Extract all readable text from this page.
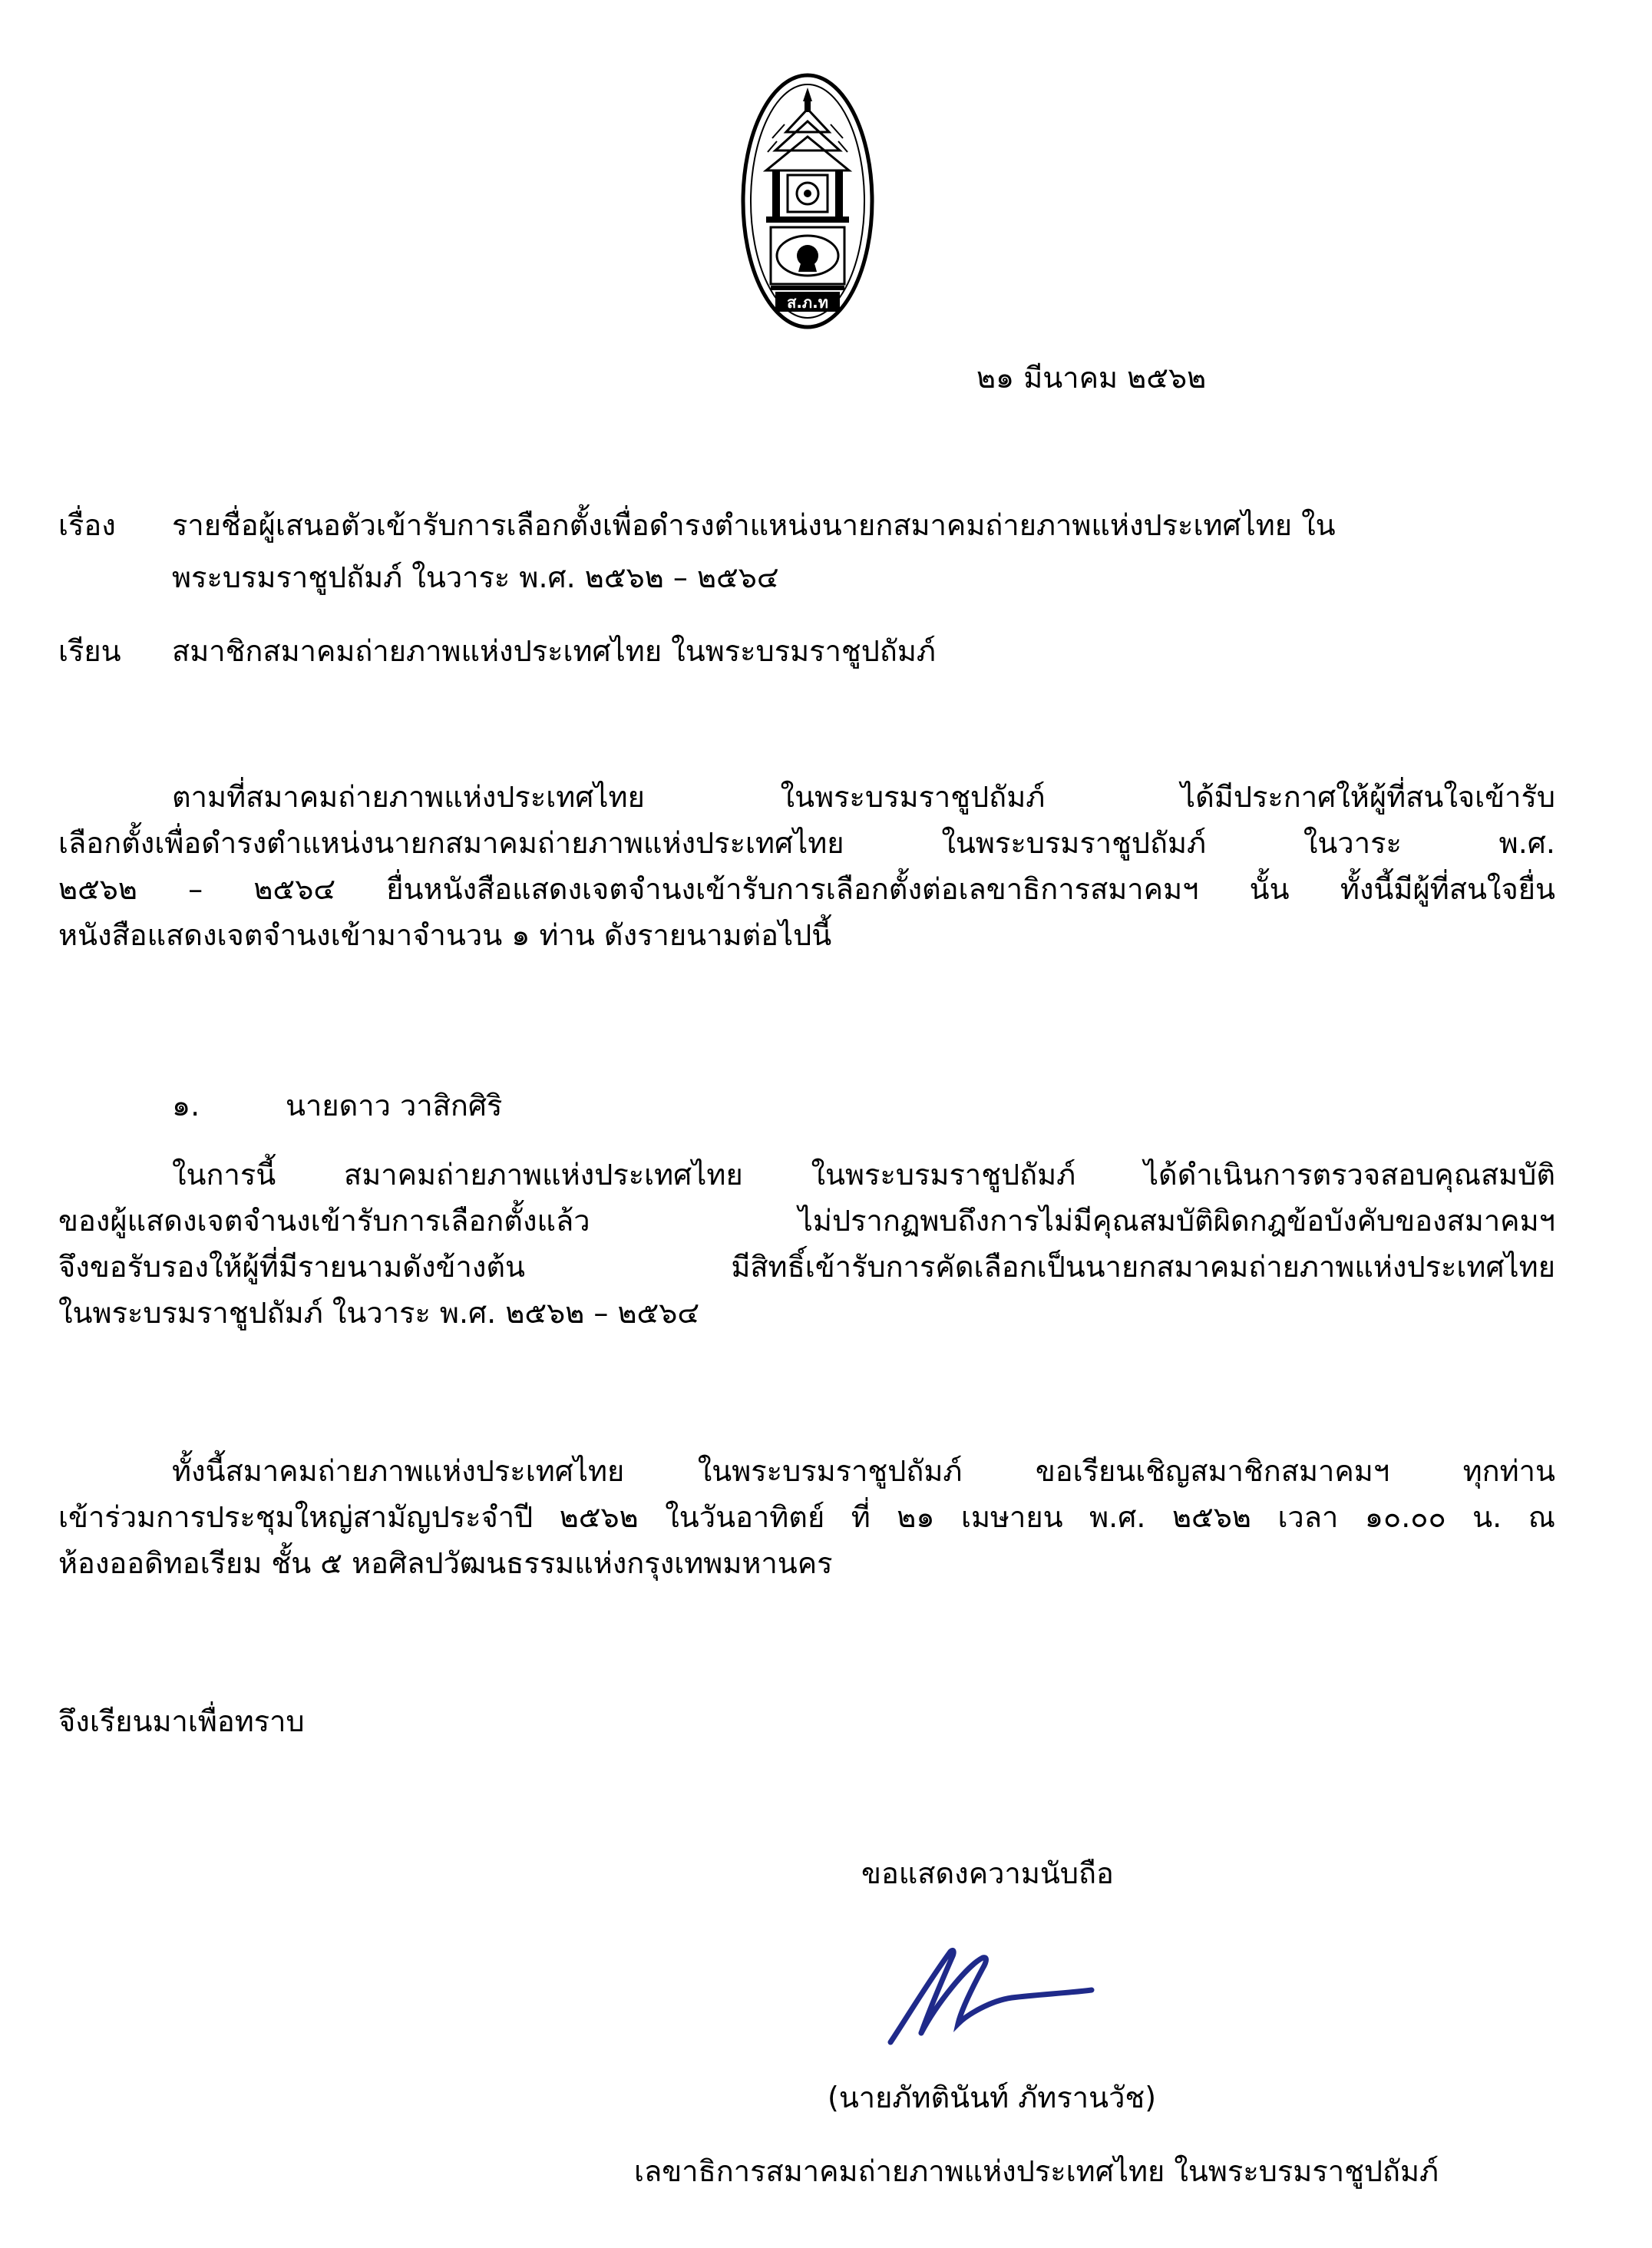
ส.ภ.ท
๒๑ มีนาคม ๒๕๖๒
เรื่อง รายชื่อผู้เสนอตัวเข้ารับการเลือกตั้งเพื่อดำรงตำแหน่งนายกสมาคมถ่ายภาพแห่งประเทศไทย ใน
พระบรมราชูปถัมภ์ ในวาระ พ.ศ. ๒๕๖๒ – ๒๕๖๔
เรียน สมาชิกสมาคมถ่ายภาพแห่งประเทศไทย ในพระบรมราชูปถัมภ์
ตามที่สมาคมถ่ายภาพแห่งประเทศไทย ในพระบรมราชูปถัมภ์ ได้มีประกาศให้ผู้ที่สนใจเข้ารับ
เลือกตั้งเพื่อดำรงตำแหน่งนายกสมาคมถ่ายภาพแห่งประเทศไทย ในพระบรมราชูปถัมภ์ ในวาระ พ.ศ.
๒๕๖๒ – ๒๕๖๔ ยื่นหนังสือแสดงเจตจำนงเข้ารับการเลือกตั้งต่อเลขาธิการสมาคมฯ นั้น ทั้งนี้มีผู้ที่สนใจยื่น
หนังสือแสดงเจตจำนงเข้ามาจำนวน ๑ ท่าน ดังรายนามต่อไปนี้
๑.	นายดาว วาสิกศิริ
ในการนี้ สมาคมถ่ายภาพแห่งประเทศไทย ในพระบรมราชูปถัมภ์ ได้ดำเนินการตรวจสอบคุณสมบัติ
ของผู้แสดงเจตจำนงเข้ารับการเลือกตั้งแล้ว ไม่ปรากฏพบถึงการไม่มีคุณสมบัติผิดกฎข้อบังคับของสมาคมฯ
จึงขอรับรองให้ผู้ที่มีรายนามดังข้างต้น มีสิทธิ์เข้ารับการคัดเลือกเป็นนายกสมาคมถ่ายภาพแห่งประเทศไทย
ในพระบรมราชูปถัมภ์ ในวาระ พ.ศ. ๒๕๖๒ – ๒๕๖๔
ทั้งนี้สมาคมถ่ายภาพแห่งประเทศไทย ในพระบรมราชูปถัมภ์ ขอเรียนเชิญสมาชิกสมาคมฯ ทุกท่าน
เข้าร่วมการประชุมใหญ่สามัญประจำปี ๒๕๖๒ ในวันอาทิตย์ ที่ ๒๑ เมษายน พ.ศ. ๒๕๖๒ เวลา ๑๐.๐๐ น. ณ
ห้องออดิทอเรียม ชั้น ๕ หอศิลปวัฒนธรรมแห่งกรุงเทพมหานคร
จึงเรียนมาเพื่อทราบ
ขอแสดงความนับถือ
(นายภัทตินันท์ ภัทรานวัช)
เลขาธิการสมาคมถ่ายภาพแห่งประเทศไทย ในพระบรมราชูปถัมภ์
